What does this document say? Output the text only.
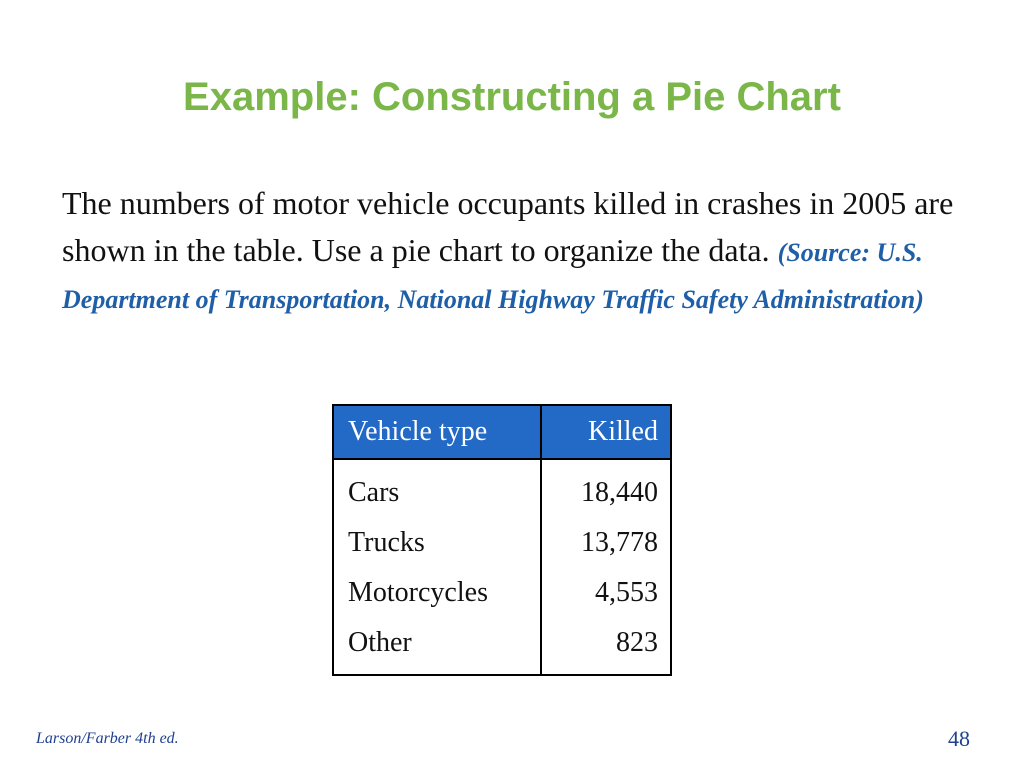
Example: Constructing a Pie Chart

The numbers of motor vehicle occupants killed in crashes in 2005 are shown in the table. Use a pie chart to organize the data. (Source: U.S. Department of Transportation, National Highway Traffic Safety Administration)

Vehicle type	Killed
Cars	18,440
Trucks	13,778
Motorcycles	4,553
Other	823

Larson/Farber 4th ed.	48
